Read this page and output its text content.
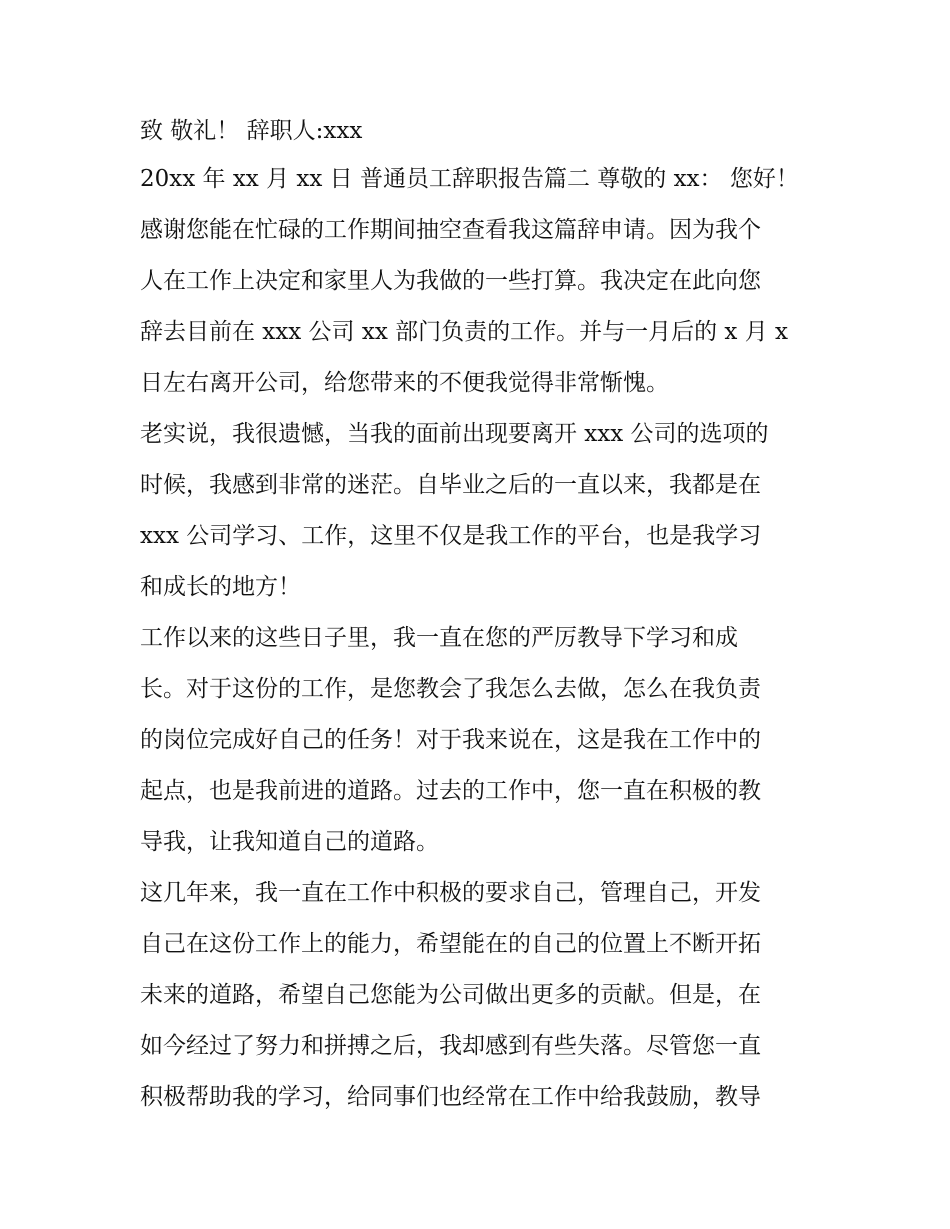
致 敬礼！ 辞职人:xxx
20xx 年 xx 月 xx 日 普通员工辞职报告篇二 尊敬的 xx： 您好！
感谢您能在忙碌的工作期间抽空查看我这篇辞申请。因为我个
人在工作上决定和家里人为我做的一些打算。我决定在此向您
辞去目前在 xxx 公司 xx 部门负责的工作。并与一月后的 x 月 x
日左右离开公司，给您带来的不便我觉得非常惭愧。
老实说，我很遗憾，当我的面前出现要离开 xxx 公司的选项的
时候，我感到非常的迷茫。自毕业之后的一直以来，我都是在
xxx 公司学习、工作，这里不仅是我工作的平台，也是我学习
和成长的地方！
工作以来的这些日子里，我一直在您的严厉教导下学习和成
长。对于这份的工作，是您教会了我怎么去做，怎么在我负责
的岗位完成好自己的任务！对于我来说在，这是我在工作中的
起点，也是我前进的道路。过去的工作中，您一直在积极的教
导我，让我知道自己的道路。
这几年来，我一直在工作中积极的要求自己，管理自己，开发
自己在这份工作上的能力，希望能在的自己的位置上不断开拓
未来的道路，希望自己您能为公司做出更多的贡献。但是，在
如今经过了努力和拼搏之后，我却感到有些失落。尽管您一直
积极帮助我的学习，给同事们也经常在工作中给我鼓励，教导
